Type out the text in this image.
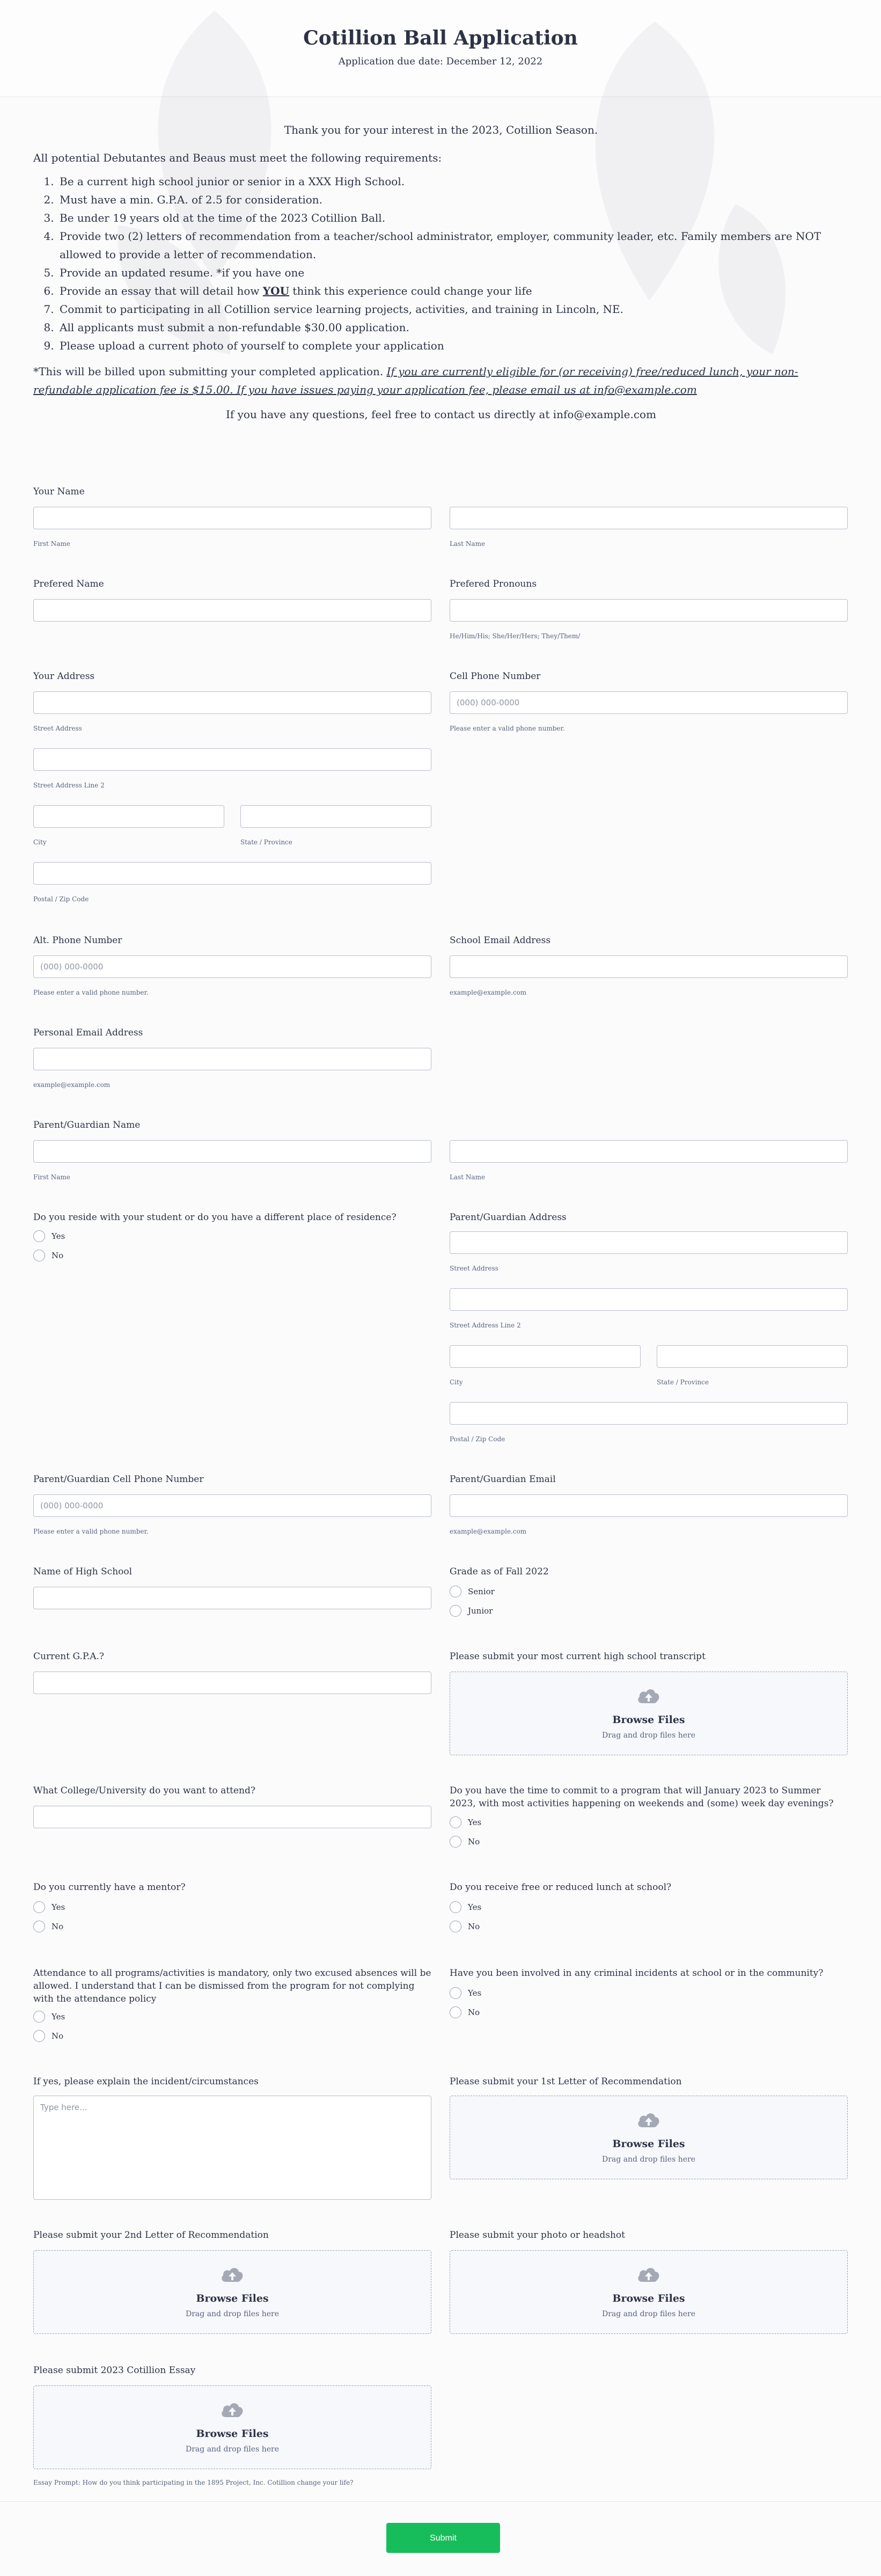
Cotillion Ball Application
Application due date: December 12, 2022

Thank you for your interest in the 2023, Cotillion Season.

All potential Debutantes and Beaus must meet the following requirements:

1. Be a current high school junior or senior in a XXX High School.
2. Must have a min. G.P.A. of 2.5 for consideration.
3. Be under 19 years old at the time of the 2023 Cotillion Ball.
4. Provide two (2) letters of recommendation from a teacher/school administrator, employer, community leader, etc. Family members are NOT allowed to provide a letter of recommendation.
5. Provide an updated resume. *if you have one
6. Provide an essay that will detail how YOU think this experience could change your life
7. Commit to participating in all Cotillion service learning projects, activities, and training in Lincoln, NE.
8. All applicants must submit a non-refundable $30.00 application.
9. Please upload a current photo of yourself to complete your application

*This will be billed upon submitting your completed application. If you are currently eligible for (or receiving) free/reduced lunch, your non-refundable application fee is $15.00. If you have issues paying your application fee, please email us at info@example.com

If you have any questions, feel free to contact us directly at info@example.com

Your Name
First Name	Last Name
Prefered Name	Prefered Pronouns
He/Him/His; She/Her/Hers; They/Them/
Your Address
Street Address
Street Address Line 2
City	State / Province
Postal / Zip Code
Cell Phone Number
(000) 000-0000
Please enter a valid phone number.
Alt. Phone Number
(000) 000-0000
Please enter a valid phone number.
School Email Address
example@example.com
Personal Email Address
example@example.com
Parent/Guardian Name
First Name	Last Name
Do you reside with your student or do you have a different place of residence?
Yes
No
Parent/Guardian Address
Street Address
Street Address Line 2
City	State / Province
Postal / Zip Code
Parent/Guardian Cell Phone Number
(000) 000-0000
Please enter a valid phone number.
Parent/Guardian Email
example@example.com
Name of High School	Grade as of Fall 2022
Senior
Junior
Current G.P.A.?	Please submit your most current high school transcript
Browse Files
Drag and drop files here
What College/University do you want to attend?	Do you have the time to commit to a program that will January 2023 to Summer 2023, with most activities happening on weekends and (some) week day evenings?
Yes
No
Do you currently have a mentor?
Yes
No
Do you receive free or reduced lunch at school?
Yes
No
Attendance to all programs/activities is mandatory, only two excused absences will be allowed. I understand that I can be dismissed from the program for not complying with the attendance policy
Yes
No
Have you been involved in any criminal incidents at school or in the community?
Yes
No
If yes, please explain the incident/circumstances
Type here...
Please submit your 1st Letter of Recommendation
Browse Files
Drag and drop files here
Please submit your 2nd Letter of Recommendation
Browse Files
Drag and drop files here
Please submit your photo or headshot
Browse Files
Drag and drop files here
Please submit 2023 Cotillion Essay
Browse Files
Drag and drop files here
Essay Prompt: How do you think participating in the 1895 Project, Inc. Cotillion change your life?
Submit
